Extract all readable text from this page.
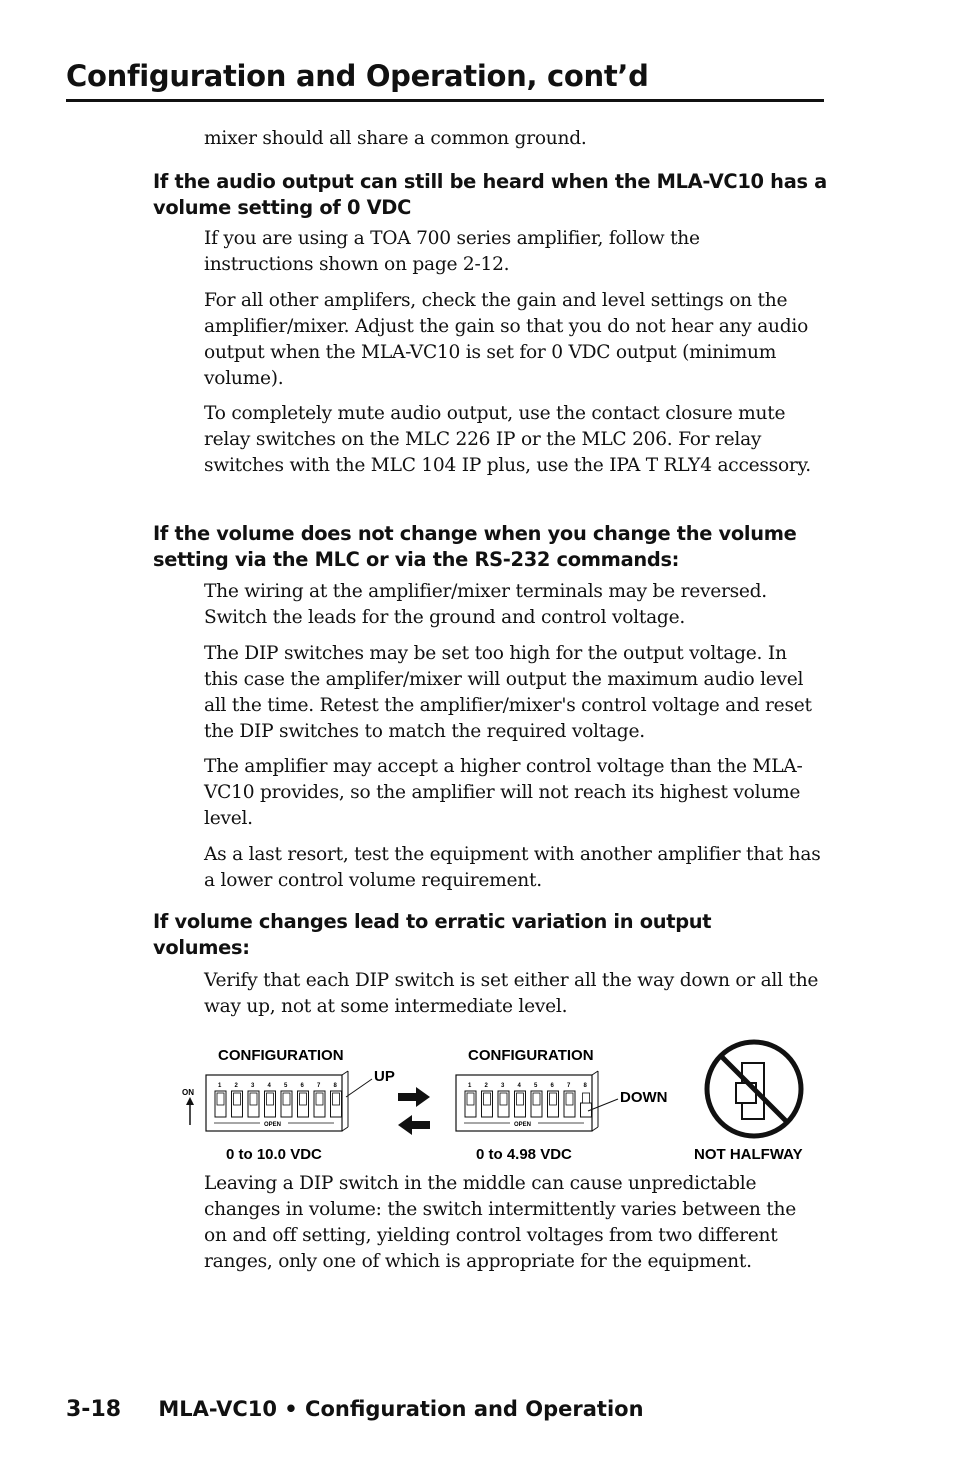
Configuration and Operation, cont’d

mixer should all share a common ground.

If the audio output can still be heard when the MLA-VC10 has a volume setting of 0 VDC

If you are using a TOA 700 series amplifier, follow the instructions shown on page 2-12.

For all other amplifers, check the gain and level settings on the amplifier/mixer. Adjust the gain so that you do not hear any audio output when the MLA-VC10 is set for 0 VDC output (minimum volume).

To completely mute audio output, use the contact closure mute relay switches on the MLC 226 IP or the MLC 206. For relay switches with the MLC 104 IP plus, use the IPA T RLY4 accessory.

If the volume does not change when you change the volume setting via the MLC or via the RS-232 commands:

The wiring at the amplifier/mixer terminals may be reversed. Switch the leads for the ground and control voltage.

The DIP switches may be set too high for the output voltage. In this case the amplifer/mixer will output the maximum audio level all the time. Retest the amplifier/mixer's control voltage and reset the DIP switches to match the required voltage.

The amplifier may accept a higher control voltage than the MLA-VC10 provides, so the amplifier will not reach its highest volume level.

As a last resort, test the equipment with another amplifier that has a lower control volume requirement.

If volume changes lead to erratic variation in output volumes:

Verify that each DIP switch is set either all the way down or all the way up, not at some intermediate level.

CONFIGURATION
ON
1 2 3 4 5 6 7 8
OPEN
UP
0 to 10.0 VDC
CONFIGURATION
1 2 3 4 5 6 7 8
OPEN
DOWN
0 to 4.98 VDC	NOT HALFWAY

Leaving a DIP switch in the middle can cause unpredictable changes in volume: the switch intermittently varies between the on and off setting, yielding control voltages from two different ranges, only one of which is appropriate for the equipment.

3-18 MLA-VC10 • Configuration and Operation
